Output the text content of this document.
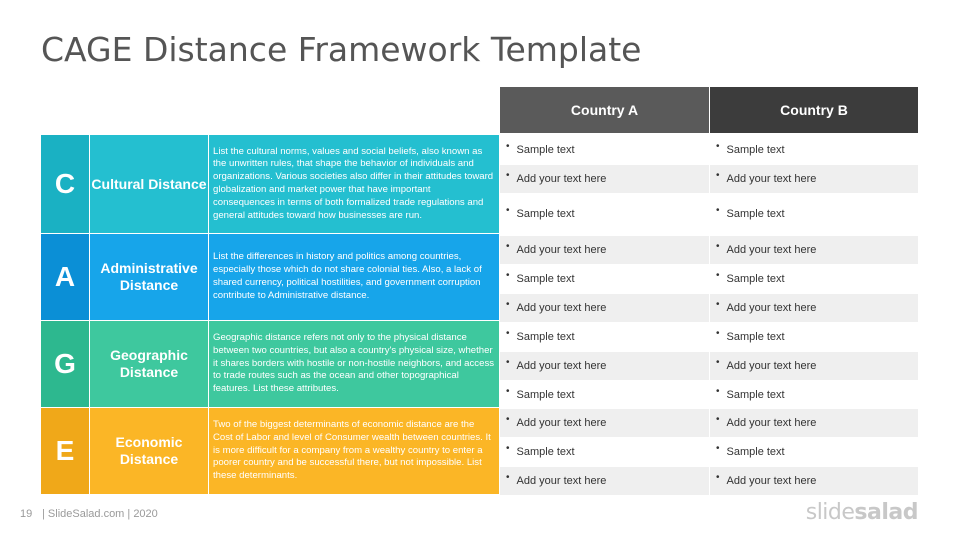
CAGE Distance Framework Template
Country A	Country B
C	Cultural Distance
List the cultural norms, values and social beliefs, also known as the unwritten rules, that shape the behavior of individuals and organizations. Various societies also differ in their attitudes toward globalization and market power that have important consequences in terms of both formalized trade regulations and general attitudes toward how businesses are run.
• Sample text	• Sample text
• Add your text here	• Add your text here
• Sample text	• Sample text
A	Administrative Distance
List the differences in history and politics among countries, especially those which do not share colonial ties. Also, a lack of shared currency, political hostilities, and government corruption contribute to Administrative distance.
• Add your text here	• Add your text here
• Sample text	• Sample text
• Add your text here	• Add your text here
G	Geographic Distance
Geographic distance refers not only to the physical distance between two countries, but also a country's physical size, whether it shares borders with hostile or non-hostile neighbors, and access to trade routes such as the ocean and other topographical features. List these attributes.
• Sample text	• Sample text
• Add your text here	• Add your text here
• Sample text	• Sample text
E	Economic Distance
Two of the biggest determinants of economic distance are the Cost of Labor and level of Consumer wealth between countries. It is more difficult for a company from a wealthy country to enter a poorer country and be successful there, but not impossible. List these determinants.
• Add your text here	• Add your text here
• Sample text	• Sample text
• Add your text here	• Add your text here
19 | SlideSalad.com | 2020	slidesalad
